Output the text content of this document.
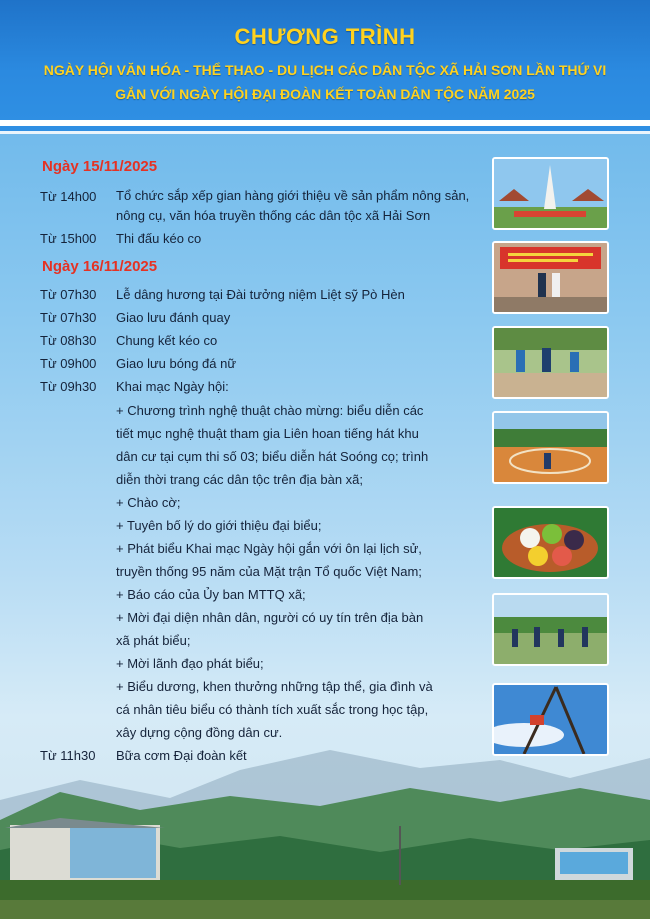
CHƯƠNG TRÌNH
NGÀY HỘI VĂN HÓA - THỂ THAO - DU LỊCH CÁC DÂN TỘC XÃ HẢI SƠN LẦN THỨ VI
GẮN VỚI NGÀY HỘI ĐẠI ĐOÀN KẾT TOÀN DÂN TỘC NĂM 2025
Ngày 15/11/2025
Từ 14h00	Tổ chức sắp xếp gian hàng giới thiệu về sản phẩm nông sản, nông cụ, văn hóa truyền thống các dân tộc xã Hải Sơn
Từ 15h00	Thi đấu kéo co
Ngày 16/11/2025
Từ 07h30	Lễ dâng hương tại Đài tưởng niệm Liệt sỹ Pò Hèn
Từ 07h30	Giao lưu đánh quay
Từ 08h30	Chung kết kéo co
Từ 09h00	Giao lưu bóng đá nữ
Từ 09h30	Khai mạc Ngày hội:
+ Chương trình nghệ thuật chào mừng: biểu diễn các
tiết mục nghệ thuật tham gia Liên hoan tiếng hát khu
dân cư tại cụm thi số 03; biểu diễn hát Soóng cọ; trình
diễn thời trang các dân tộc trên địa bàn xã;
+ Chào cờ;
+ Tuyên bố lý do giới thiệu đại biểu;
+ Phát biểu Khai mạc Ngày hội gắn với ôn lại lịch sử,
truyền thống 95 năm của Mặt trận Tổ quốc Việt Nam;
+ Báo cáo của Ủy ban MTTQ xã;
+ Mời đại diện nhân dân, người có uy tín trên địa bàn
xã phát biểu;
+ Mời lãnh đạo phát biểu;
+ Biểu dương, khen thưởng những tập thể, gia đình và
cá nhân tiêu biểu có thành tích xuất sắc trong học tập,
xây dựng cộng đồng dân cư.
Từ 11h30	Bữa cơm Đại đoàn kết
